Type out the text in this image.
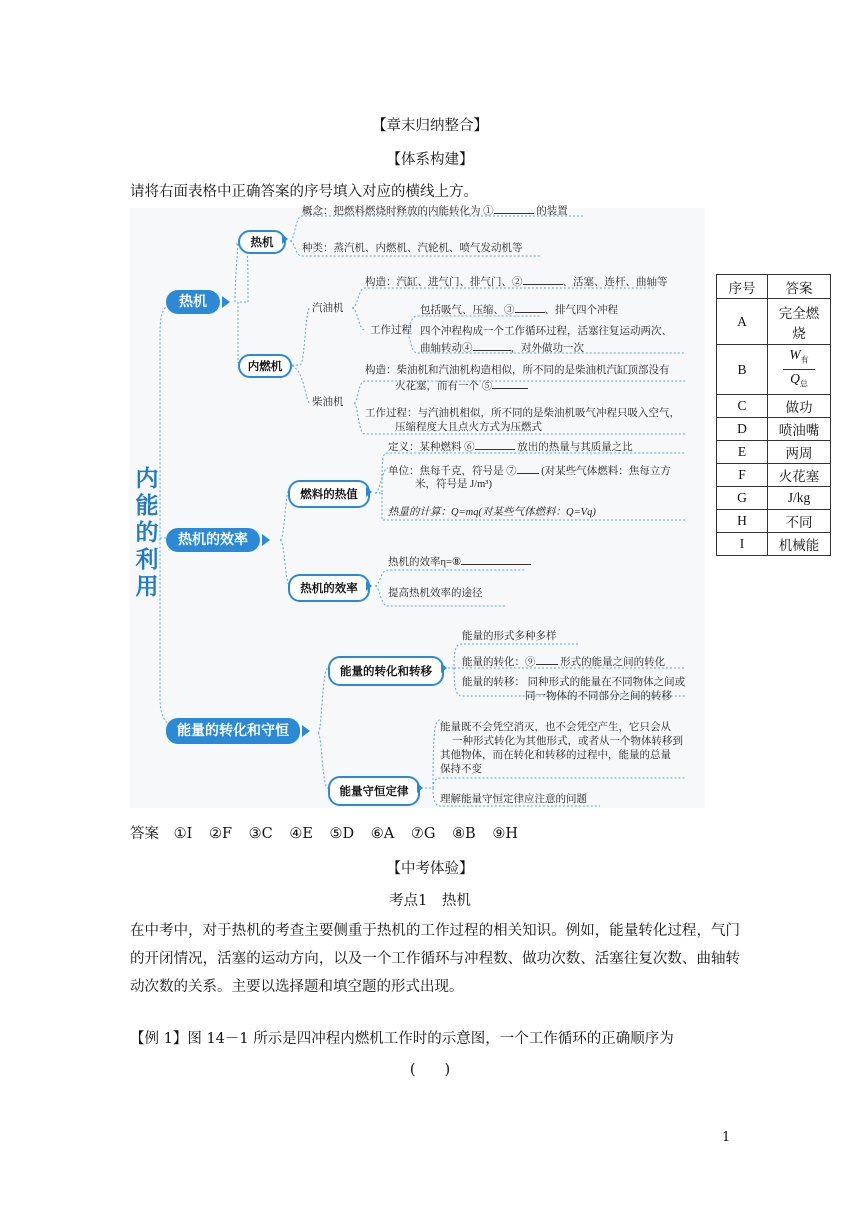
【章末归纳整合】
【体系构建】
请将右面表格中正确答案的序号填入对应的横线上方。
内
能
的
利
用
热机
热机
概念：把燃料燃烧时释放的内能转化为 ①	的装置
种类：蒸汽机、内燃机、汽轮机、喷气发动机等
内燃机
汽油机
柴油机
构造：汽缸、进气门、排气门、②	、活塞、连杆、曲轴等
工作过程
包括吸气、压缩、③	、排气四个冲程
四个冲程构成一个工作循环过程，活塞往复运动两次、
曲轴转动④	，对外做功一次
构造：柴油机和汽油机构造相似，所不同的是柴油机汽缸顶部没有
火花塞，而有一个 ⑤
工作过程：与汽油机相似，所不同的是柴油机吸气冲程只吸入空气，
压缩程度大且点火方式为压燃式
热机的效率
燃料的热值
定义：某种燃料 ⑥	放出的热量与其质量之比
单位：焦每千克，符号是 ⑦ (对某些气体燃料：焦每立方
米，符号是 J/m³)
热量的计算：Q=mq(对某些气体燃料：Q=Vq)
热机的效率
热机的效率η=⑧
提高热机效率的途径
能量的转化和守恒
能量的转化和转移
能量的形式多种多样
能量的转化：⑨ 形式的能量之间的转化
能量的转移： 同种形式的能量在不同物体之间或
同一物体的不同部分之间的转移
能量守恒定律
能量既不会凭空消灭，也不会凭空产生，它只会从
一种形式转化为其他形式，或者从一个物体转移到
其他物体，而在转化和转移的过程中，能量的总量
保持不变
理解能量守恒定律应注意的问题
序号	答案
A	完全燃
烧
B	$\frac{W_有}{Q_总}$

C	做功
D	喷油嘴
E	两周
F	火花塞
G	J/kg
H	不同
I	机械能
答案 ①I ②F ③C ④E ⑤D ⑥A ⑦G ⑧B ⑨H
【中考体验】
考点1　热机
在中考中，对于热机的考查主要侧重于热机的工作过程的相关知识。例如，能量转化过程，气门的开闭情况，活塞的运动方向，以及一个工作循环与冲程数、做功次数、活塞往复次数、曲轴转动次数的关系。主要以选择题和填空题的形式出现。
【例 1】图 14－1 所示是四冲程内燃机工作时的示意图，一个工作循环的正确顺序为
(　　)
1
